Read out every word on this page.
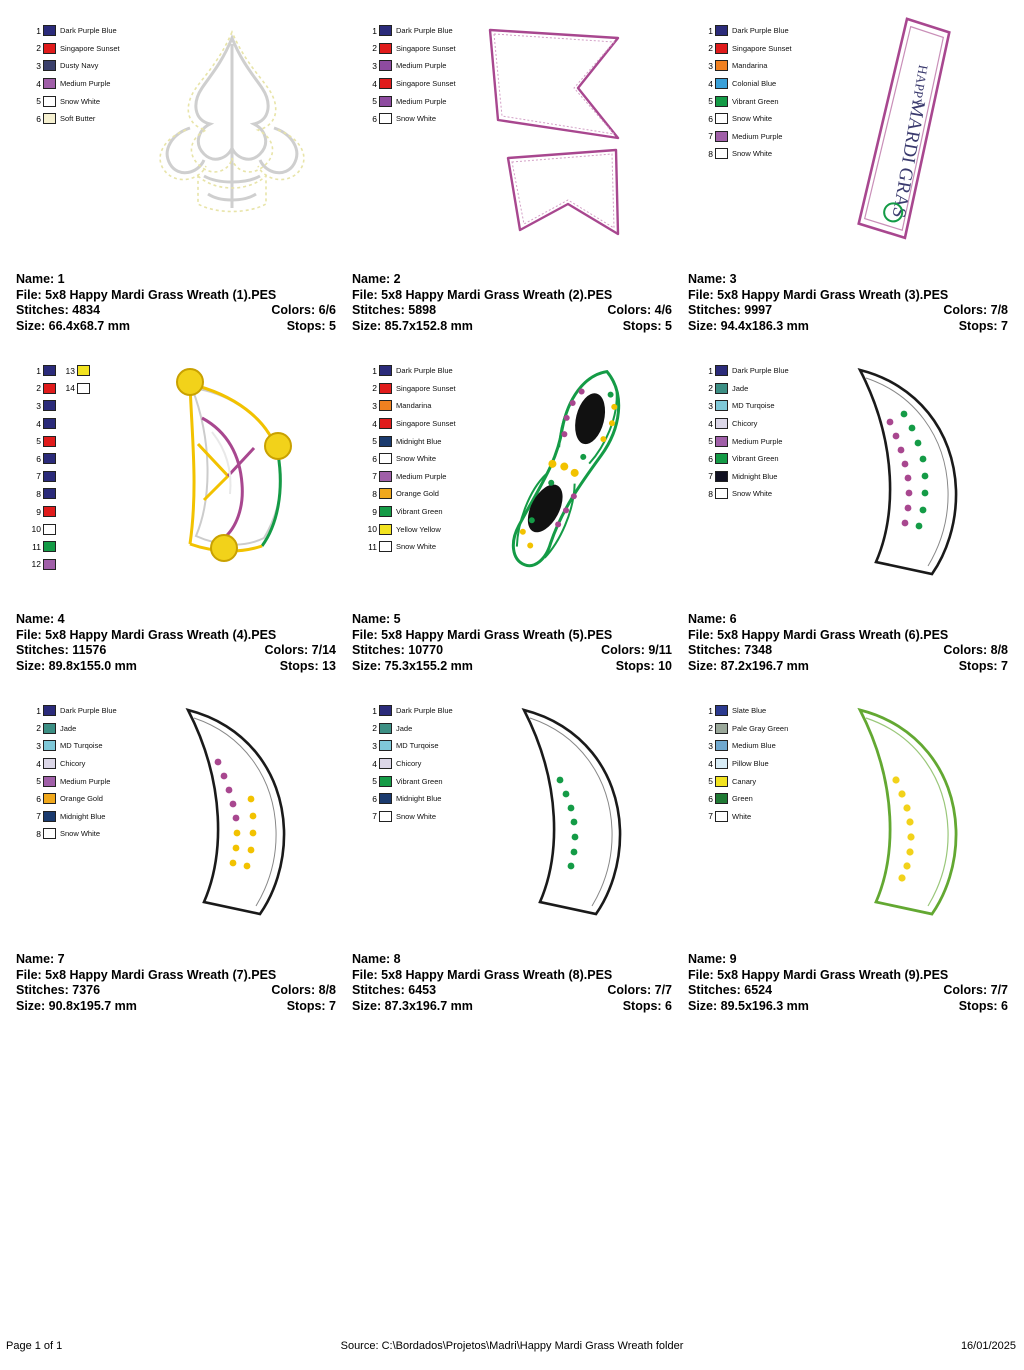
1	Dark Purple Blue
2	Singapore Sunset
3	Dusty Navy
4	Medium Purple
5	Snow White
6	Soft Butter
Name: 1
File: 5x8 Happy Mardi Grass Wreath (1).PES
Stitches: 4834	Colors: 6/6
Size: 66.4x68.7 mm	Stops: 5
1	Dark Purple Blue
2	Singapore Sunset
3	Medium Purple
4	Singapore Sunset
5	Medium Purple
6	Snow White
Name: 2
File: 5x8 Happy Mardi Grass Wreath (2).PES
Stitches: 5898	Colors: 4/6
Size: 85.7x152.8 mm	Stops: 5
1	Dark Purple Blue
2	Singapore Sunset
3	Mandarina
4	Colonial Blue
5	Vibrant Green
6	Snow White
7	Medium Purple
8	Snow White
HAPPY
MARDI GRAS
Name: 3
File: 5x8 Happy Mardi Grass Wreath (3).PES
Stitches: 9997	Colors: 7/8
Size: 94.4x186.3 mm	Stops: 7
1
2
3
4
5
6
7
8
9
10
11
12
13
14
Name: 4
File: 5x8 Happy Mardi Grass Wreath (4).PES
Stitches: 11576	Colors: 7/14
Size: 89.8x155.0 mm	Stops: 13
1	Dark Purple Blue
2	Singapore Sunset
3	Mandarina
4	Singapore Sunset
5	Midnight Blue
6	Snow White
7	Medium Purple
8	Orange Gold
9	Vibrant Green
10	Yellow Yellow
11	Snow White
Name: 5
File: 5x8 Happy Mardi Grass Wreath (5).PES
Stitches: 10770	Colors: 9/11
Size: 75.3x155.2 mm	Stops: 10
1	Dark Purple Blue
2	Jade
3	MD Turqoise
4	Chicory
5	Medium Purple
6	Vibrant Green
7	Midnight Blue
8	Snow White
Name: 6
File: 5x8 Happy Mardi Grass Wreath (6).PES
Stitches: 7348	Colors: 8/8
Size: 87.2x196.7 mm	Stops: 7
1	Dark Purple Blue
2	Jade
3	MD Turqoise
4	Chicory
5	Medium Purple
6	Orange Gold
7	Midnight Blue
8	Snow White
Name: 7
File: 5x8 Happy Mardi Grass Wreath (7).PES
Stitches: 7376	Colors: 8/8
Size: 90.8x195.7 mm	Stops: 7
1	Dark Purple Blue
2	Jade
3	MD Turqoise
4	Chicory
5	Vibrant Green
6	Midnight Blue
7	Snow White
Name: 8
File: 5x8 Happy Mardi Grass Wreath (8).PES
Stitches: 6453	Colors: 7/7
Size: 87.3x196.7 mm	Stops: 6
1	Slate Blue
2	Pale Gray Green
3	Medium Blue
4	Pillow Blue
5	Canary
6	Green
7	White
Name: 9
File: 5x8 Happy Mardi Grass Wreath (9).PES
Stitches: 6524	Colors: 7/7
Size: 89.5x196.3 mm	Stops: 6
Page 1 of 1	Source: C:\Bordados\Projetos\Madri\Happy Mardi Grass Wreath folder	16/01/2025
